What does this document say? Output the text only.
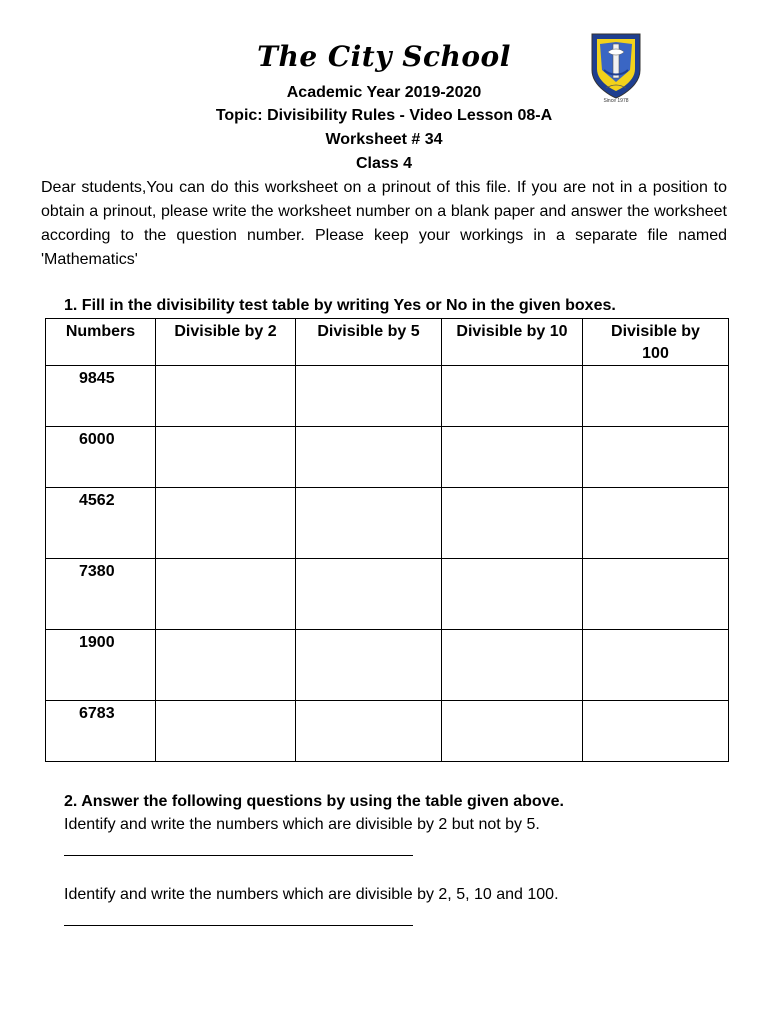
The City School
Since 1978
Academic Year 2019-2020
Topic: Divisibility Rules - Video Lesson 08-A
Worksheet # 34
Class 4
Dear students,You can do this worksheet on a prinout of this file. If you are not in a position to obtain a prinout, please write the worksheet number on a blank paper and answer the worksheet according to the question number. Please keep your workings in a separate file named 'Mathematics'
1. Fill in the divisibility test table by writing Yes or No in the given boxes.
Numbers	Divisible by 2	Divisible by 5	Divisible by 10	Divisible by 100
9845				
6000				
4562				
7380				
1900				
6783				
2. Answer the following questions by using the table given above.
Identify and write the numbers which are divisible by 2 but not by 5.
Identify and write the numbers which are divisible by 2, 5, 10 and 100.
